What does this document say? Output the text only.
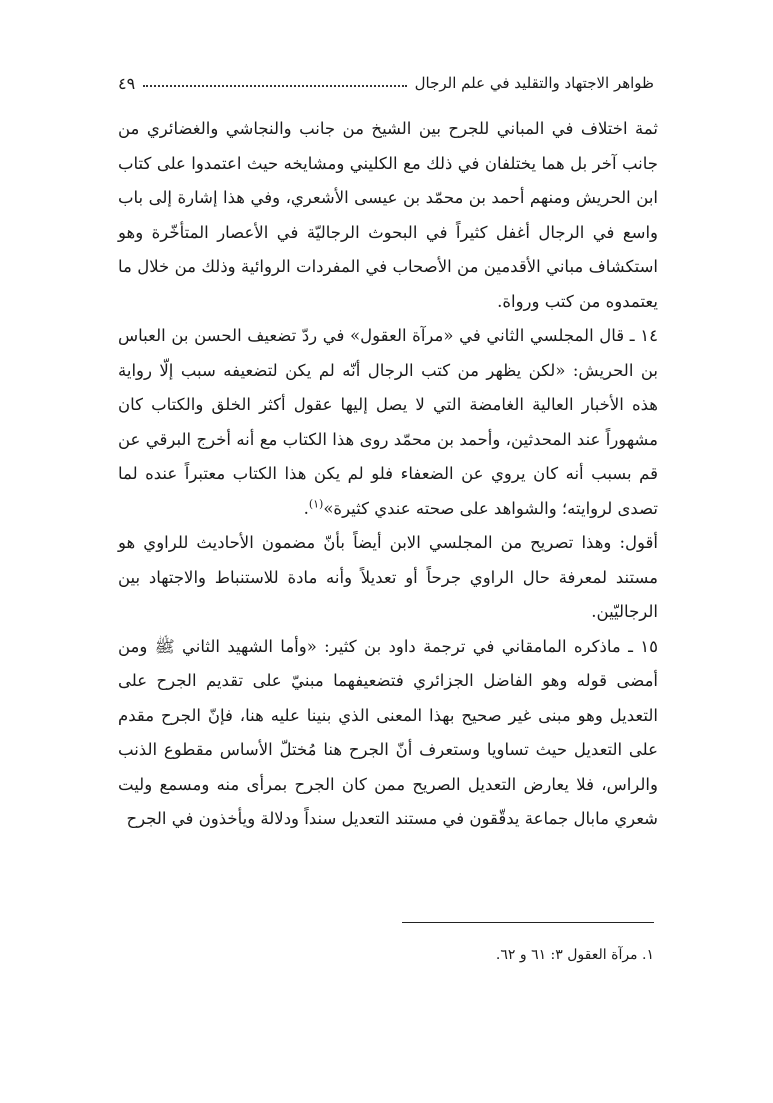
ظواهر الاجتهاد والتقليد في علم الرجال
٤٩

ثمة اختلاف في المباني للجرح بين الشيخ من جانب والنجاشي والغضائري من جانب آخر بل هما يختلفان في ذلك مع الكليني ومشايخه حيث اعتمدوا على كتاب ابن الحريش ومنهم أحمد بن محمّد بن عيسى الأشعري، وفي هذا إشارة إلى باب واسع في الرجال أغفل كثيراً في البحوث الرجاليّة في الأعصار المتأخّرة وهو استكشاف مباني الأقدمين من الأصحاب في المفردات الروائية وذلك من خلال ما يعتمدوه من كتب ورواة.

١٤ ـ قال المجلسي الثاني في «مرآة العقول» في ردّ تضعيف الحسن بن العباس بن الحريش: «لكن يظهر من كتب الرجال أنّه لم يكن لتضعيفه سبب إلّا رواية هذه الأخبار العالية الغامضة التي لا يصل إليها عقول أكثر الخلق والكتاب كان مشهوراً عند المحدثين، وأحمد بن محمّد روى هذا الكتاب مع أنه أخرج البرقي عن قم بسبب أنه كان يروي عن الضعفاء فلو لم يكن هذا الكتاب معتبراً عنده لما تصدى لروايته؛ والشواهد على صحته عندي كثيرة»$^{(١)}$.

أقول: وهذا تصريح من المجلسي الابن أيضاً بأنّ مضمون الأحاديث للراوي هو مستند لمعرفة حال الراوي جرحاً أو تعديلاً وأنه مادة للاستنباط والاجتهاد بين الرجاليّين.

١٥ ـ ماذكره المامقاني في ترجمة داود بن كثير: «وأما الشهيد الثاني ﷺ ومن أمضى قوله وهو الفاضل الجزائري فتضعيفهما مبنيّ على تقديم الجرح على التعديل وهو مبنى غير صحيح بهذا المعنى الذي بنينا عليه هنا، فإنّ الجرح مقدم على التعديل حيث تساويا وستعرف أنّ الجرح هنا مُختلّ الأساس مقطوع الذنب والراس، فلا يعارض التعديل الصريح ممن كان الجرح بمرأى منه ومسمع وليت شعري مابال جماعة يدقّقون في مستند التعديل سنداً ودلالة ويأخذون في الجرح

١. مرآة العقول ٣: ٦١ و ٦٢.
